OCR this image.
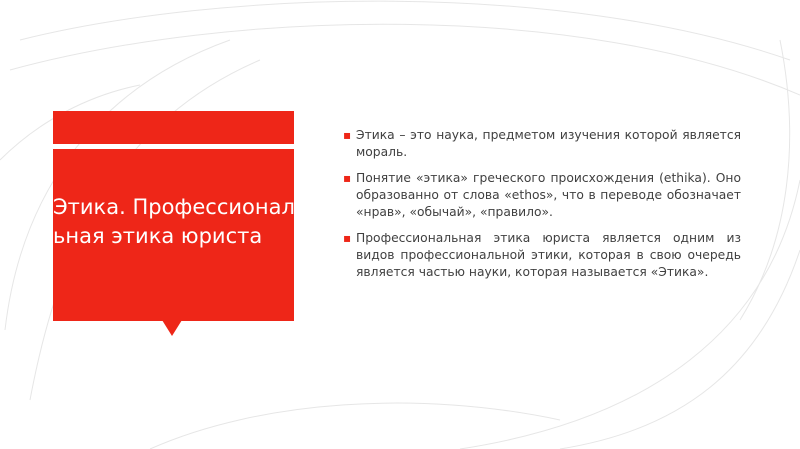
Этика. Профессиональная этика юриста
▪ Этика – это наука, предметом изучения которой является мораль.
▪ Понятие «этика» греческого происхождения (ethika). Оно образованно от слова «ethos», что в переводе обозначает «нрав», «обычай», «правило».
▪ Профессиональная этика юриста является одним из видов профессиональной этики, которая в свою очередь является частью науки, которая называется «Этика».
